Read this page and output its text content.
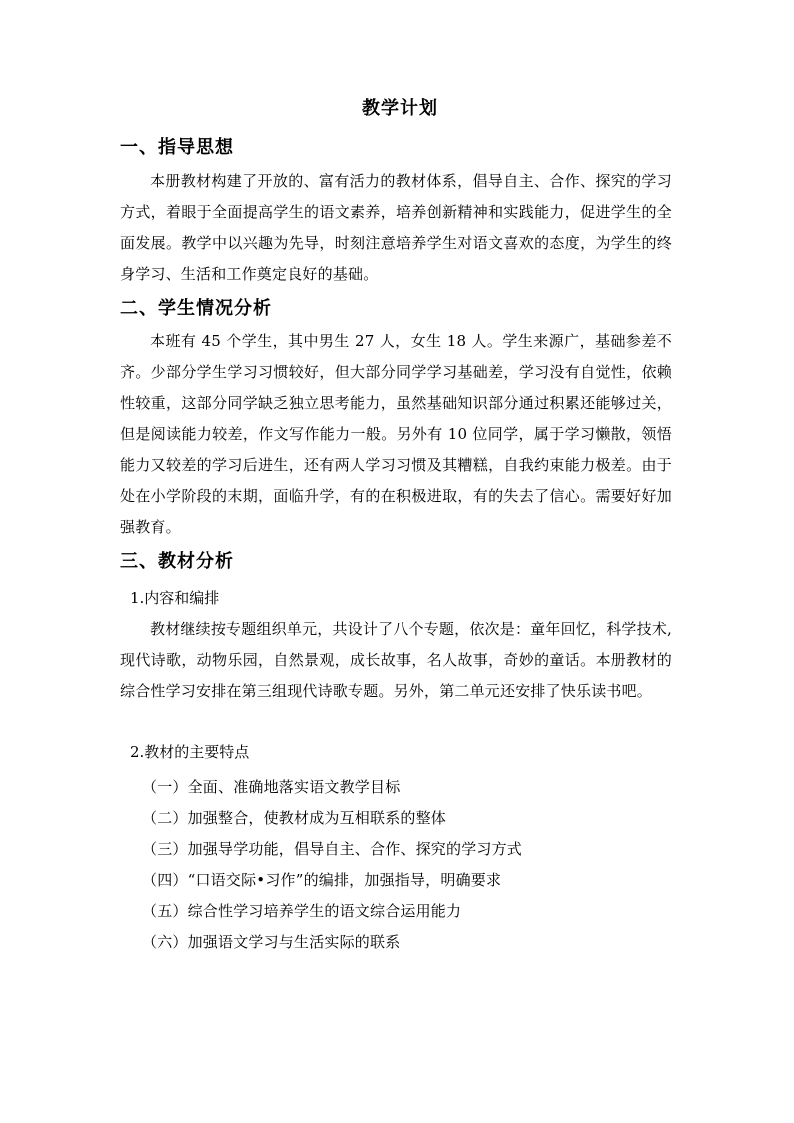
教学计划
一、指导思想

本册教材构建了开放的、富有活力的教材体系，倡导自主、合作、探究的学习方式，着眼于全面提高学生的语文素养，培养创新精神和实践能力，促进学生的全面发展。教学中以兴趣为先导，时刻注意培养学生对语文喜欢的态度，为学生的终身学习、生活和工作奠定良好的基础。

二、学生情况分析

本班有 45 个学生，其中男生 27 人，女生 18 人。学生来源广，基础参差不齐。少部分学生学习习惯较好，但大部分同学学习基础差，学习没有自觉性，依赖性较重，这部分同学缺乏独立思考能力，虽然基础知识部分通过积累还能够过关，但是阅读能力较差，作文写作能力一般。另外有 10 位同学，属于学习懒散，领悟能力又较差的学习后进生，还有两人学习习惯及其糟糕，自我约束能力极差。由于处在小学阶段的末期，面临升学，有的在积极进取，有的失去了信心。需要好好加强教育。

三、教材分析
1.内容和编排

教材继续按专题组织单元，共设计了八个专题，依次是：童年回忆，科学技术,现代诗歌，动物乐园，自然景观，成长故事，名人故事，奇妙的童话。本册教材的综合性学习安排在第三组现代诗歌专题。另外，第二单元还安排了快乐读书吧。

2.教材的主要特点
（一）全面、准确地落实语文教学目标
（二）加强整合，使教材成为互相联系的整体
（三）加强导学功能，倡导自主、合作、探究的学习方式
（四）“口语交际•习作”的编排，加强指导，明确要求
（五）综合性学习培养学生的语文综合运用能力
（六）加强语文学习与生活实际的联系
